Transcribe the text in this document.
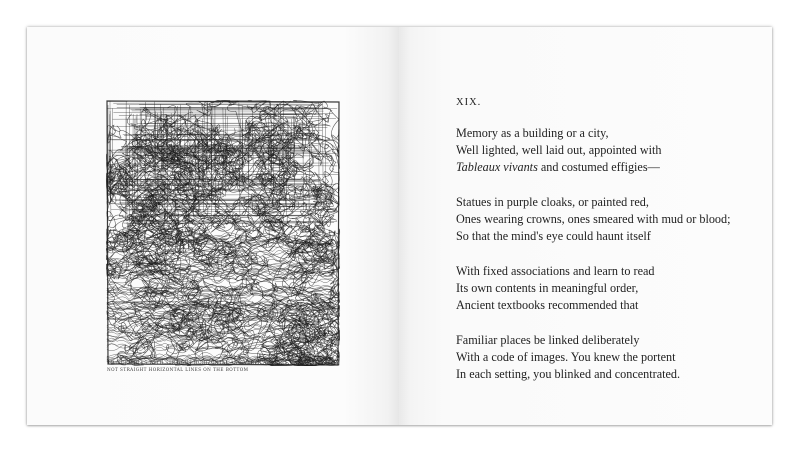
19 SCRIBBLES WITH STRAIGHT HORIZONTAL AND VERTICAL LINES ON THE TOP AND NOT STRAIGHT HORIZONTAL LINES ON THE BOTTOM
XIX.
Memory as a building or a city,
Well lighted, well laid out, appointed with
Tableaux vivants and costumed effigies—
Statues in purple cloaks, or painted red,
Ones wearing crowns, ones smeared with mud or blood;
So that the mind's eye could haunt itself
With fixed associations and learn to read
Its own contents in meaningful order,
Ancient textbooks recommended that
Familiar places be linked deliberately
With a code of images. You knew the portent
In each setting, you blinked and concentrated.
